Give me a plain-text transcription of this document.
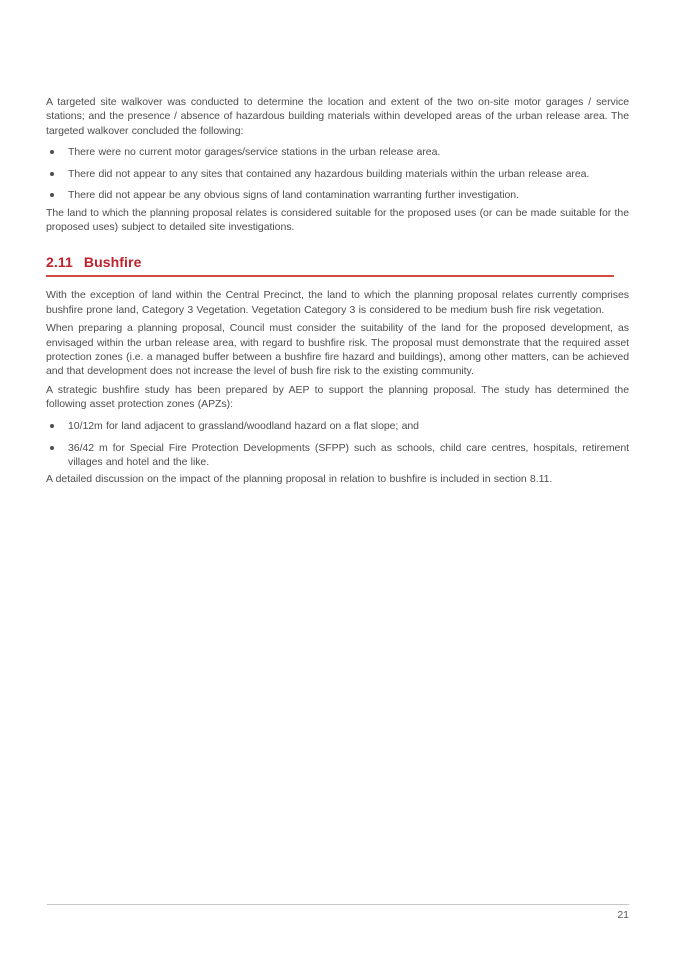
A targeted site walkover was conducted to determine the location and extent of the two on-site motor garages / service stations; and the presence / absence of hazardous building materials within developed areas of the urban release area. The targeted walkover concluded the following:

There were no current motor garages/service stations in the urban release area.
There did not appear to any sites that contained any hazardous building materials within the urban release area.
There did not appear be any obvious signs of land contamination warranting further investigation.

The land to which the planning proposal relates is considered suitable for the proposed uses (or can be made suitable for the proposed uses) subject to detailed site investigations.

2.11 Bushfire

With the exception of land within the Central Precinct, the land to which the planning proposal relates currently comprises bushfire prone land, Category 3 Vegetation. Vegetation Category 3 is considered to be medium bush fire risk vegetation.

When preparing a planning proposal, Council must consider the suitability of the land for the proposed development, as envisaged within the urban release area, with regard to bushfire risk. The proposal must demonstrate that the required asset protection zones (i.e. a managed buffer between a bushfire fire hazard and buildings), among other matters, can be achieved and that development does not increase the level of bush fire risk to the existing community.

A strategic bushfire study has been prepared by AEP to support the planning proposal. The study has determined the following asset protection zones (APZs):

10/12m for land adjacent to grassland/woodland hazard on a flat slope; and
36/42 m for Special Fire Protection Developments (SFPP) such as schools, child care centres, hospitals, retirement villages and hotel and the like.

A detailed discussion on the impact of the planning proposal in relation to bushfire is included in section 8.11.

21
